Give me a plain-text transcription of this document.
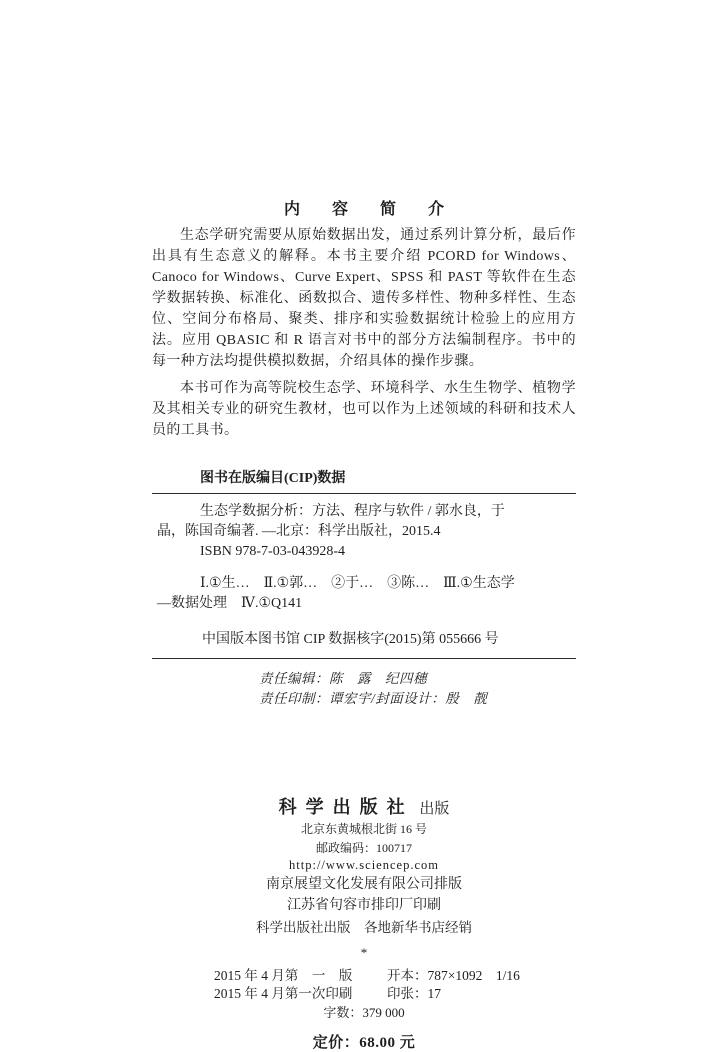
内 容 简 介

生态学研究需要从原始数据出发，通过系列计算分析，最后作出具有生态意义的解释。本书主要介绍 PCORD for Windows、Canoco for Windows、Curve Expert、SPSS 和 PAST 等软件在生态学数据转换、标准化、函数拟合、遗传多样性、物种多样性、生态位、空间分布格局、聚类、排序和实验数据统计检验上的应用方法。应用 QBASIC 和 R 语言对书中的部分方法编制程序。书中的每一种方法均提供模拟数据，介绍具体的操作步骤。

本书可作为高等院校生态学、环境科学、水生生物学、植物学及其相关专业的研究生教材，也可以作为上述领域的科研和技术人员的工具书。

图书在版编目(CIP)数据
生态学数据分析：方法、程序与软件 / 郭水良，于
晶，陈国奇编著. —北京：科学出版社，2015.4
ISBN 978-7-03-043928-4
Ⅰ.①生…　Ⅱ.①郭…　②于…　③陈…　Ⅲ.①生态学
—数据处理　Ⅳ.①Q141
中国版本图书馆 CIP 数据核字(2015)第 055666 号
责任编辑：陈　露　纪四穗
责任印制：谭宏宇/封面设计：殷　靓
科学出版社 出版
北京东黄城根北街 16 号
邮政编码：100717
http://www.sciencep.com
南京展望文化发展有限公司排版
江苏省句容市排印厂印刷
科学出版社出版　各地新华书店经销
*
2015 年 4 月第　一　版	开本：787×1092　1/16
2015 年 4 月第一次印刷	印张：17
字数：379 000
定价：68.00 元
